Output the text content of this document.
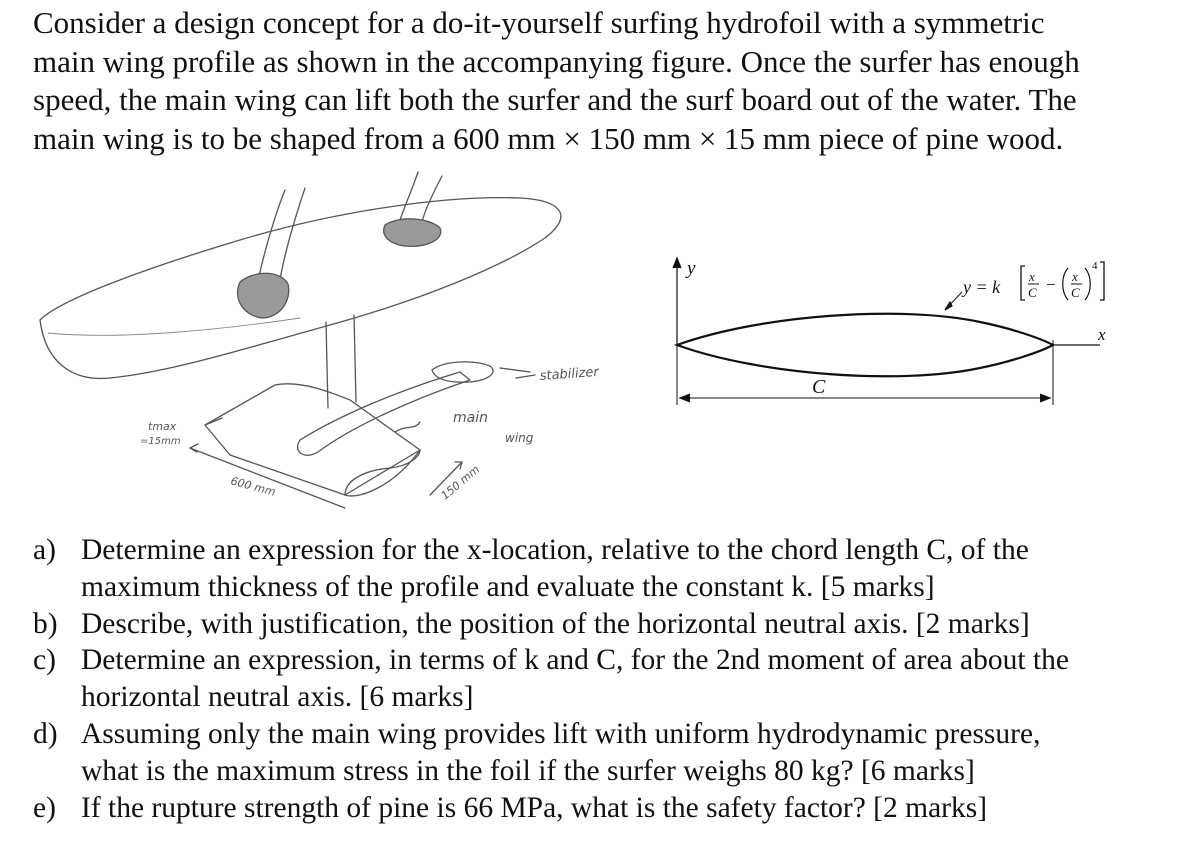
Consider a design concept for a do-it-yourself surfing hydrofoil with a symmetric
main wing profile as shown in the accompanying figure. Once the surfer has enough
speed, the main wing can lift both the surfer and the surf board out of the water. The
main wing is to be shaped from a 600 mm × 150 mm × 15 mm piece of pine wood.
stabilizer
main
wing
tmax
=15mm
600 mm	150 mm
y
x
C
y = k
x
C − x
C
4
a) Determine an expression for the x-location, relative to the chord length C, of the
maximum thickness of the profile and evaluate the constant k. [5 marks]
b) Describe, with justification, the position of the horizontal neutral axis. [2 marks]
c) Determine an expression, in terms of k and C, for the 2nd moment of area about the
horizontal neutral axis. [6 marks]
d) Assuming only the main wing provides lift with uniform hydrodynamic pressure,
what is the maximum stress in the foil if the surfer weighs 80 kg? [6 marks]
e) If the rupture strength of pine is 66 MPa, what is the safety factor? [2 marks]
